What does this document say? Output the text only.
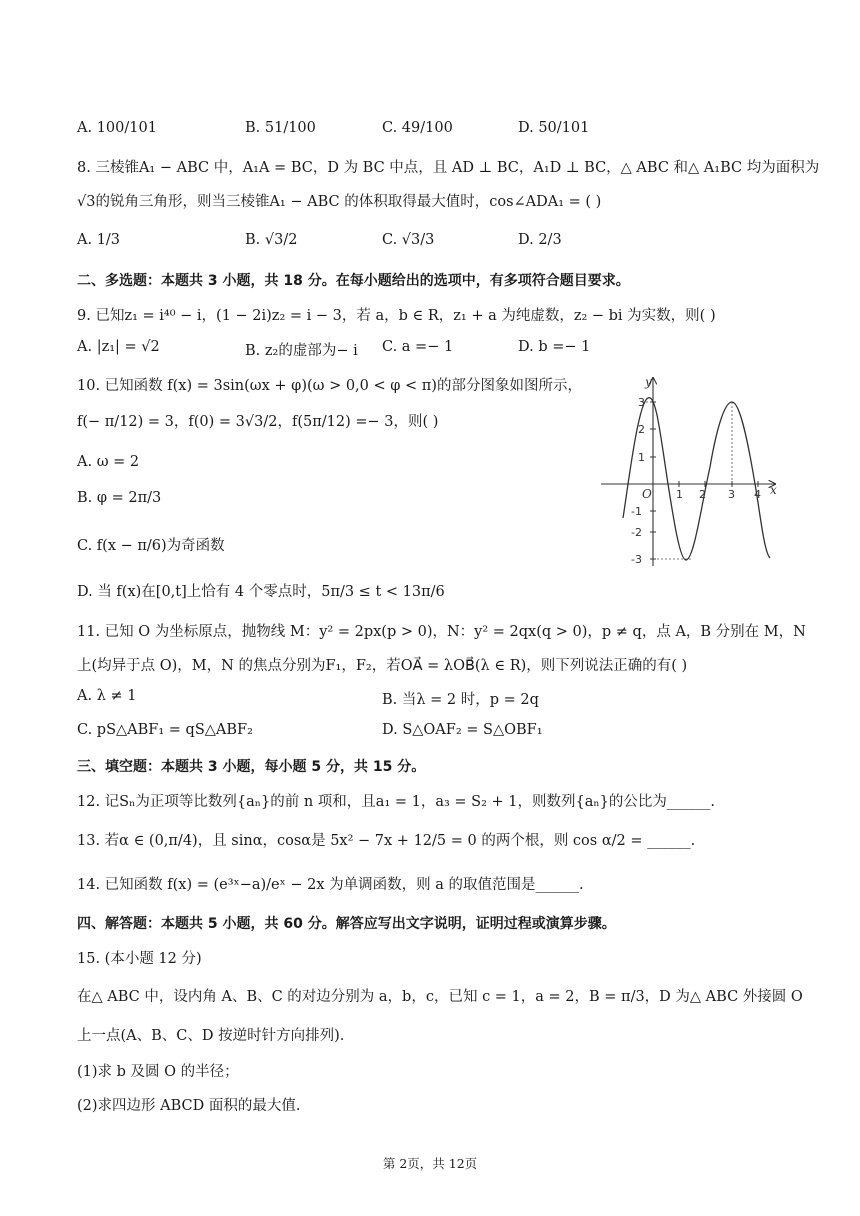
A. 100/101	B. 51/100	C. 49/100	D. 50/101
8. 三棱锥A₁ − ABC 中，A₁A = BC，D 为 BC 中点，且 AD ⊥ BC，A₁D ⊥ BC，△ ABC 和△ A₁BC 均为面积为
√3的锐角三角形，则当三棱锥A₁ − ABC 的体积取得最大值时，cos∠ADA₁ = ( )
A. 1/3	B. √3/2	C. √3/3	D. 2/3
二、多选题：本题共 3 小题，共 18 分。在每小题给出的选项中，有多项符合题目要求。
9. 已知z₁ = i⁴⁰ − i，(1 − 2i)z₂ = i − 3，若 a，b ∈ R，z₁ + a 为纯虚数，z₂ − bi 为实数，则( )
A. |z₁| = √2	B. z₂的虚部为− i C. a =− 1	D. b =− 1
10. 已知函数 f(x) = 3sin(ωx + φ)(ω > 0,0 < φ < π)的部分图象如图所示，
f(− π/12) = 3，f(0) = 3√3/2，f(5π/12) =− 3，则( )
A. ω = 2
B. φ = 2π/3
C. f(x − π/6)为奇函数
D. 当 f(x)在[0,t]上恰有 4 个零点时，5π/3 ≤ t < 13π/6
y
x
O 1 2 3 4
3
2
1
-1
-2
-3
11. 已知 O 为坐标原点，抛物线 M：y² = 2px(p > 0)，N：y² = 2qx(q > 0)，p ≠ q，点 A，B 分别在 M，N
上(均异于点 O)，M，N 的焦点分别为F₁，F₂，若OA⃗ = λOB⃗(λ ∈ R)，则下列说法正确的有( )
A. λ ≠ 1	B. 当λ = 2 时，p = 2q
C. pS△ABF₁ = qS△ABF₂	D. S△OAF₂ = S△OBF₁
三、填空题：本题共 3 小题，每小题 5 分，共 15 分。
12. 记Sₙ为正项等比数列{aₙ}的前 n 项和，且a₁ = 1，a₃ = S₂ + 1，则数列{aₙ}的公比为______.
13. 若α ∈ (0,π/4)，且 sinα，cosα是 5x² − 7x + 12/5 = 0 的两个根，则 cos α/2 = ______.
14. 已知函数 f(x) = (e³ˣ−a)/eˣ − 2x 为单调函数，则 a 的取值范围是______.
四、解答题：本题共 5 小题，共 60 分。解答应写出文字说明，证明过程或演算步骤。
15. (本小题 12 分)
在△ ABC 中，设内角 A、B、C 的对边分别为 a，b，c，已知 c = 1，a = 2，B = π/3，D 为△ ABC 外接圆 O
上一点(A、B、C、D 按逆时针方向排列).
(1)求 b 及圆 O 的半径；
(2)求四边形 ABCD 面积的最大值.
第 2页，共 12页
